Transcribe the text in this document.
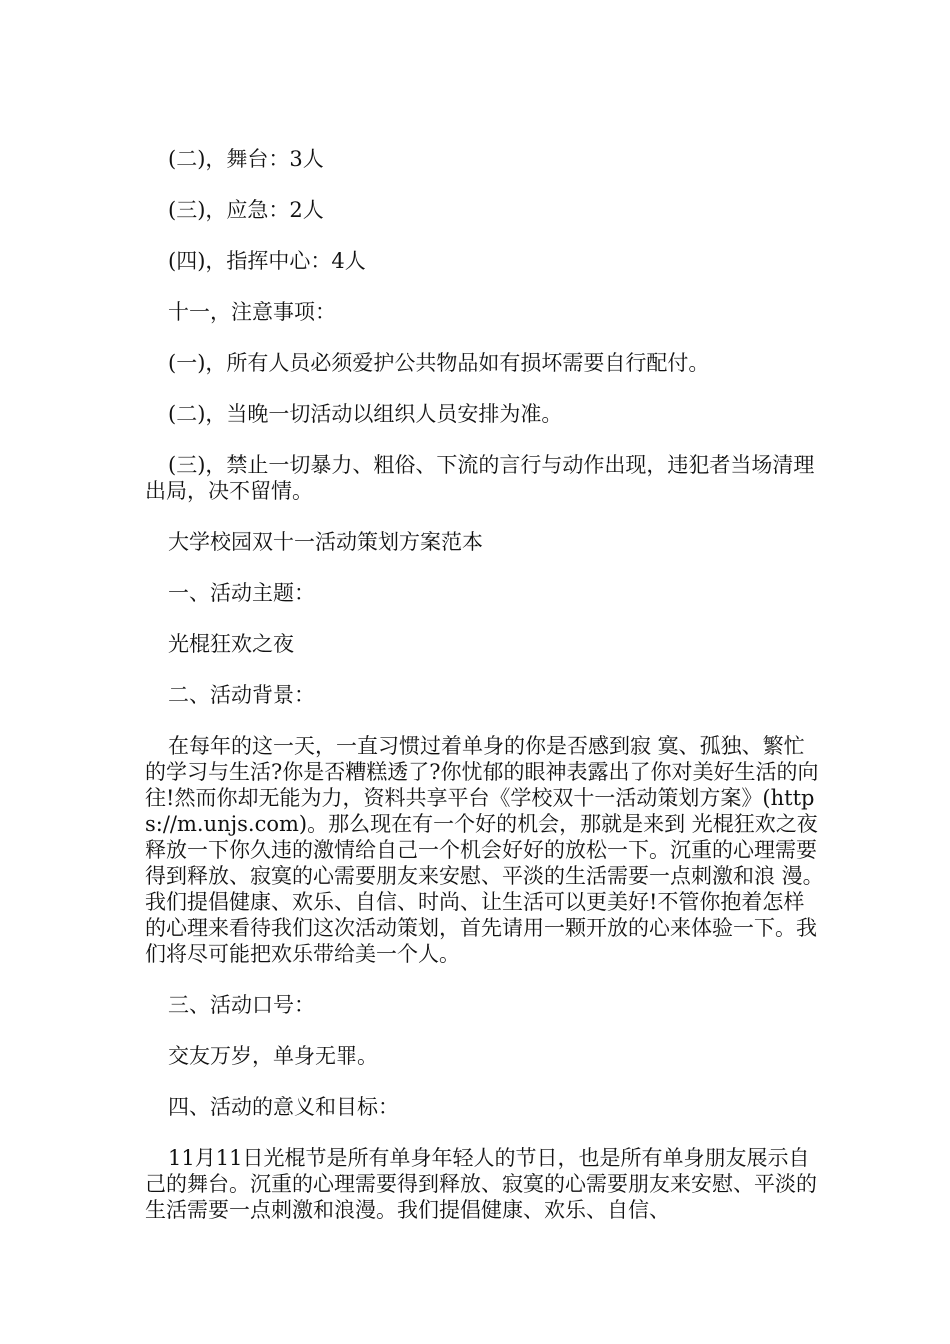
(二)，舞台：3人

(三)，应急：2人

(四)，指挥中心：4人

十一，注意事项：

(一)，所有人员必须爱护公共物品如有损坏需要自行配付。

(二)，当晚一切活动以组织人员安排为准。

(三)，禁止一切暴力、粗俗、下流的言行与动作出现，违犯者当场清理出局，决不留情。

大学校园双十一活动策划方案范本

一、活动主题：

光棍狂欢之夜

二、活动背景：

在每年的这一天，一直习惯过着单身的你是否感到寂 寞、孤独、繁忙的学习与生活?你是否糟糕透了?你忧郁的眼神表露出了你对美好生活的向往!然而你却无能为力，资料共享平台《学校双十一活动策划方案》(https://m.unjs.com)。那么现在有一个好的机会，那就是来到 光棍狂欢之夜 释放一下你久违的激情给自己一个机会好好的放松一下。沉重的心理需要得到释放、寂寞的心需要朋友来安慰、平淡的生活需要一点刺激和浪 漫。我们提倡健康、欢乐、自信、时尚、让生活可以更美好!不管你抱着怎样的心理来看待我们这次活动策划，首先请用一颗开放的心来体验一下。我们将尽可能把欢乐带给美一个人。

三、活动口号：

交友万岁，单身无罪。

四、活动的意义和目标：

11月11日光棍节是所有单身年轻人的节日，也是所有单身朋友展示自己的舞台。沉重的心理需要得到释放、寂寞的心需要朋友来安慰、平淡的生活需要一点刺激和浪漫。我们提倡健康、欢乐、自信、
